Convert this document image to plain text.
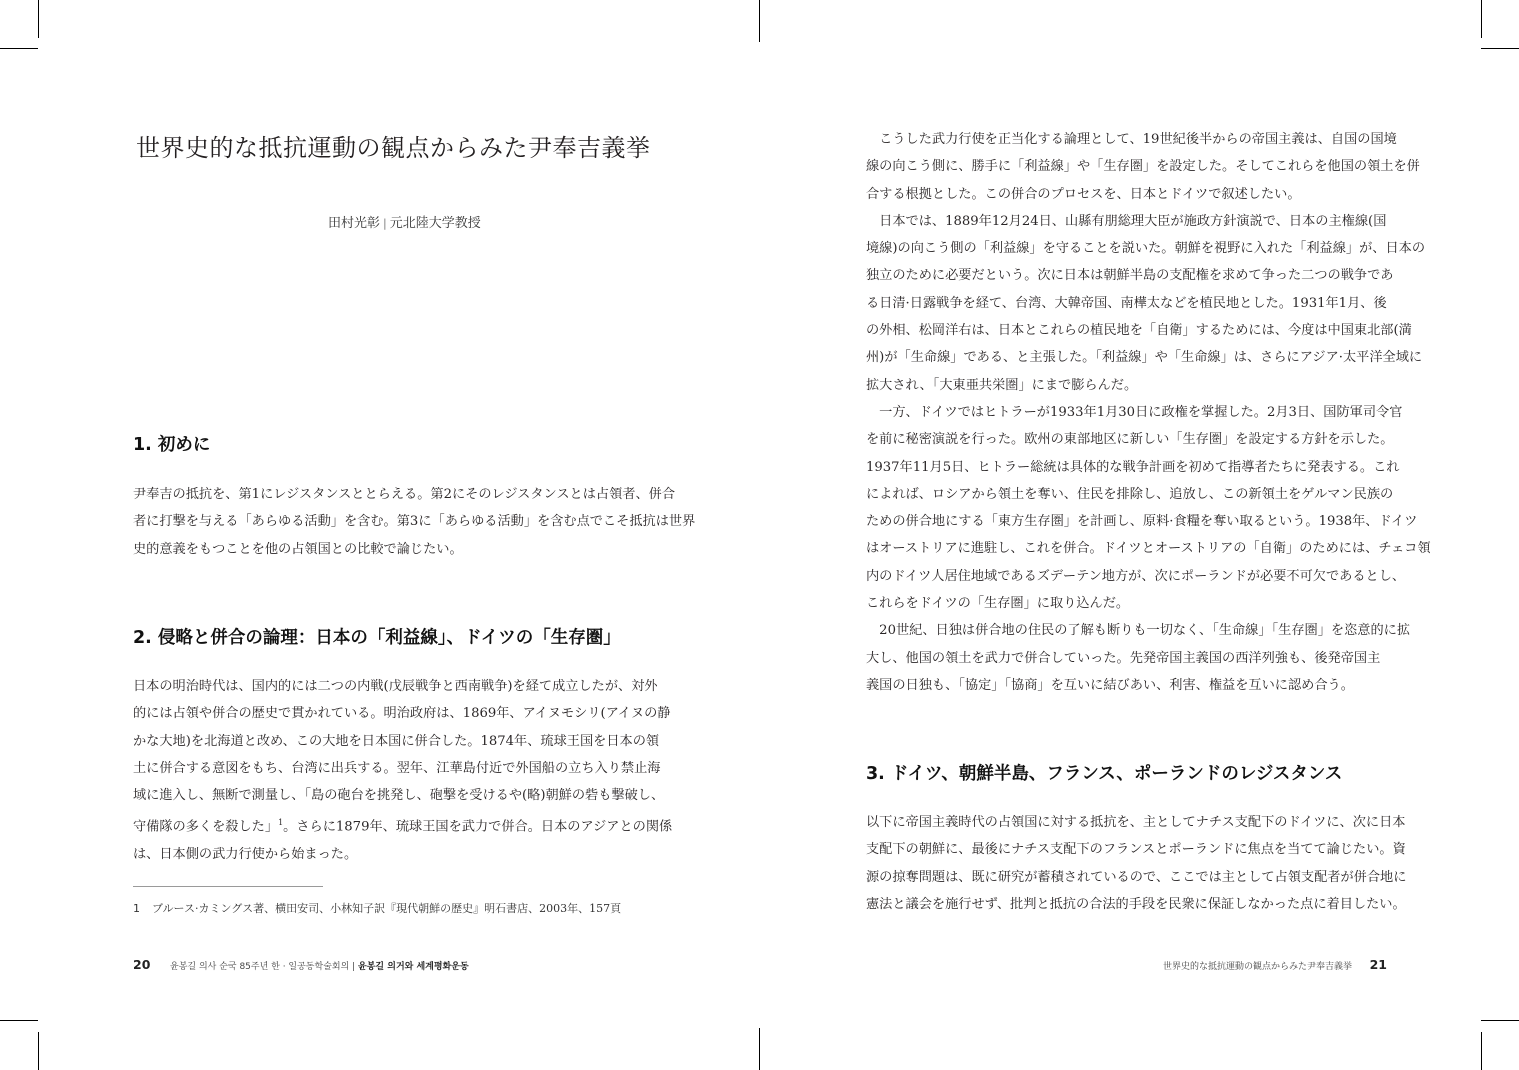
世界史的な抵抗運動の観点からみた尹奉吉義挙
田村光彰 | 元北陸大学教授
1. 初めに
尹奉吉の抵抗を、第1にレジスタンスととらえる。第2にそのレジスタンスとは占領者、併合
者に打撃を与える「あらゆる活動」を含む。第3に「あらゆる活動」を含む点でこそ抵抗は世界
史的意義をもつことを他の占領国との比較で論じたい。
2. 侵略と併合の論理：日本の「利益線」、ドイツの「生存圏」
日本の明治時代は、国内的には二つの内戦(戊辰戦争と西南戦争)を経て成立したが、対外
的には占領や併合の歴史で貫かれている。明治政府は、1869年、アイヌモシリ(アイヌの静
かな大地)を北海道と改め、この大地を日本国に併合した。1874年、琉球王国を日本の領
土に併合する意図をもち、台湾に出兵する。翌年、江華島付近で外国船の立ち入り禁止海
域に進入し、無断で測量し、「島の砲台を挑発し、砲撃を受けるや(略)朝鮮の砦も撃破し、
守備隊の多くを殺した」$^1$。さらに1879年、琉球王国を武力で併合。日本のアジアとの関係
は、日本側の武力行使から始まった。
1 ブルース·カミングス著、横田安司、小林知子訳『現代朝鮮の歴史』明石書店、2003年、157頁
20 윤봉길 의사 순국 85주년 한 · 일공동학술회의 | 윤봉길 의거와 세계평화운동
　こうした武力行使を正当化する論理として、19世紀後半からの帝国主義は、自国の国境
線の向こう側に、勝手に「利益線」や「生存圏」を設定した。そしてこれらを他国の領土を併
合する根拠とした。この併合のプロセスを、日本とドイツで叙述したい。
　日本では、1889年12月24日、山縣有朋総理大臣が施政方針演説で、日本の主権線(国
境線)の向こう側の「利益線」を守ることを説いた。朝鮮を視野に入れた「利益線」が、日本の
独立のために必要だという。次に日本は朝鮮半島の支配権を求めて争った二つの戦争であ
る日清·日露戦争を経て、台湾、大韓帝国、南樺太などを植民地とした。1931年1月、後
の外相、松岡洋右は、日本とこれらの植民地を「自衛」するためには、今度は中国東北部(満
州)が「生命線」である、と主張した。「利益線」や「生命線」は、さらにアジア·太平洋全域に
拡大され、「大東亜共栄圏」にまで膨らんだ。
　一方、ドイツではヒトラーが1933年1月30日に政権を掌握した。2月3日、国防軍司令官
を前に秘密演説を行った。欧州の東部地区に新しい「生存圏」を設定する方針を示した。
1937年11月5日、ヒトラー総統は具体的な戦争計画を初めて指導者たちに発表する。これ
によれば、ロシアから領土を奪い、住民を排除し、追放し、この新領土をゲルマン民族の
ための併合地にする「東方生存圏」を計画し、原料·食糧を奪い取るという。1938年、ドイツ
はオーストリアに進駐し、これを併合。ドイツとオーストリアの「自衛」のためには、チェコ領
内のドイツ人居住地域であるズデーテン地方が、次にポーランドが必要不可欠であるとし、
これらをドイツの「生存圏」に取り込んだ。
　20世紀、日独は併合地の住民の了解も断りも一切なく、「生命線」「生存圏」を恣意的に拡
大し、他国の領土を武力で併合していった。先発帝国主義国の西洋列強も、後発帝国主
義国の日独も、「協定」「協商」を互いに結びあい、利害、権益を互いに認め合う。
3. ドイツ、朝鮮半島、フランス、ポーランドのレジスタンス
以下に帝国主義時代の占領国に対する抵抗を、主としてナチス支配下のドイツに、次に日本
支配下の朝鮮に、最後にナチス支配下のフランスとポーランドに焦点を当てて論じたい。資
源の掠奪問題は、既に研究が蓄積されているので、ここでは主として占領支配者が併合地に
憲法と議会を施行せず、批判と抵抗の合法的手段を民衆に保証しなかった点に着目したい。
世界史的な抵抗運動の観点からみた尹奉吉義挙 21
